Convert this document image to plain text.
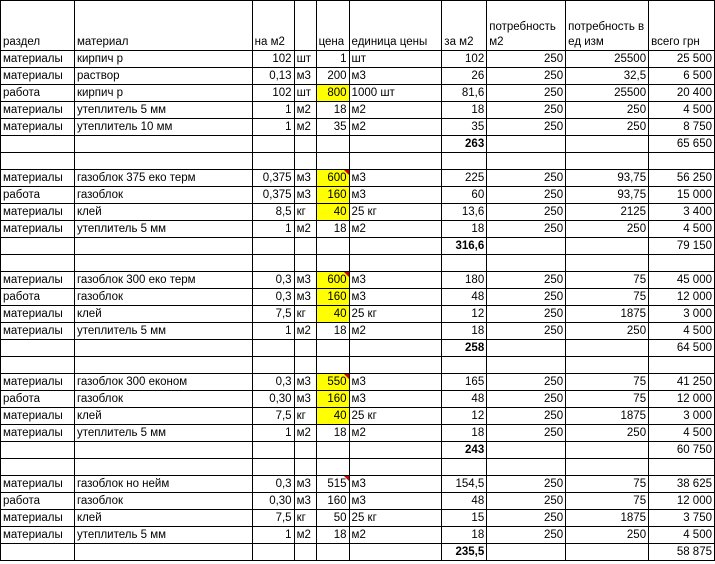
раздел	материал	на м2		цена	единица цены	за м2	потребность м2	потребность в ед изм	всего грн
материалы	кирпич р	102	шт	1	шт	102	250	25500	25 500
материалы	раствор	0,13	м3	200	м3	26	250	32,5	6 500
работа	кирпич р	102	шт	800	1000 шт	81,6	250	25500	20 400
материалы	утеплитель 5 мм	1	м2	18	м2	18	250	250	4 500
материалы	утеплитель 10 мм	1	м2	35	м2	35	250	250	8 750
						263			65 650

материалы	газоблок 375 еко терм	0,375	м3	600	м3	225	250	93,75	56 250
работа	газоблок	0,375	м3	160	м3	60	250	93,75	15 000
материалы	клей	8,5	кг	40	25 кг	13,6	250	2125	3 400
материалы	утеплитель 5 мм	1	м2	18	м2	18	250	250	4 500
						316,6			79 150

материалы	газоблок 300 еко терм	0,3	м3	600	м3	180	250	75	45 000
работа	газоблок	0,3	м3	160	м3	48	250	75	12 000
материалы	клей	7,5	кг	40	25 кг	12	250	1875	3 000
материалы	утеплитель 5 мм	1	м2	18	м2	18	250	250	4 500
						258			64 500

материалы	газоблок 300 економ	0,3	м3	550	м3	165	250	75	41 250
работа	газоблок	0,30	м3	160	м3	48	250	75	12 000
материалы	клей	7,5	кг	40	25 кг	12	250	1875	3 000
материалы	утеплитель 5 мм	1	м2	18	м2	18	250	250	4 500
						243			60 750

материалы	газоблок но нейм	0,3	м3	515	м3	154,5	250	75	38 625
работа	газоблок	0,30	м3	160	м3	48	250	75	12 000
материалы	клей	7,5	кг	50	25 кг	15	250	1875	3 750
материалы	утеплитель 5 мм	1	м2	18	м2	18	250	250	4 500
						235,5			58 875
